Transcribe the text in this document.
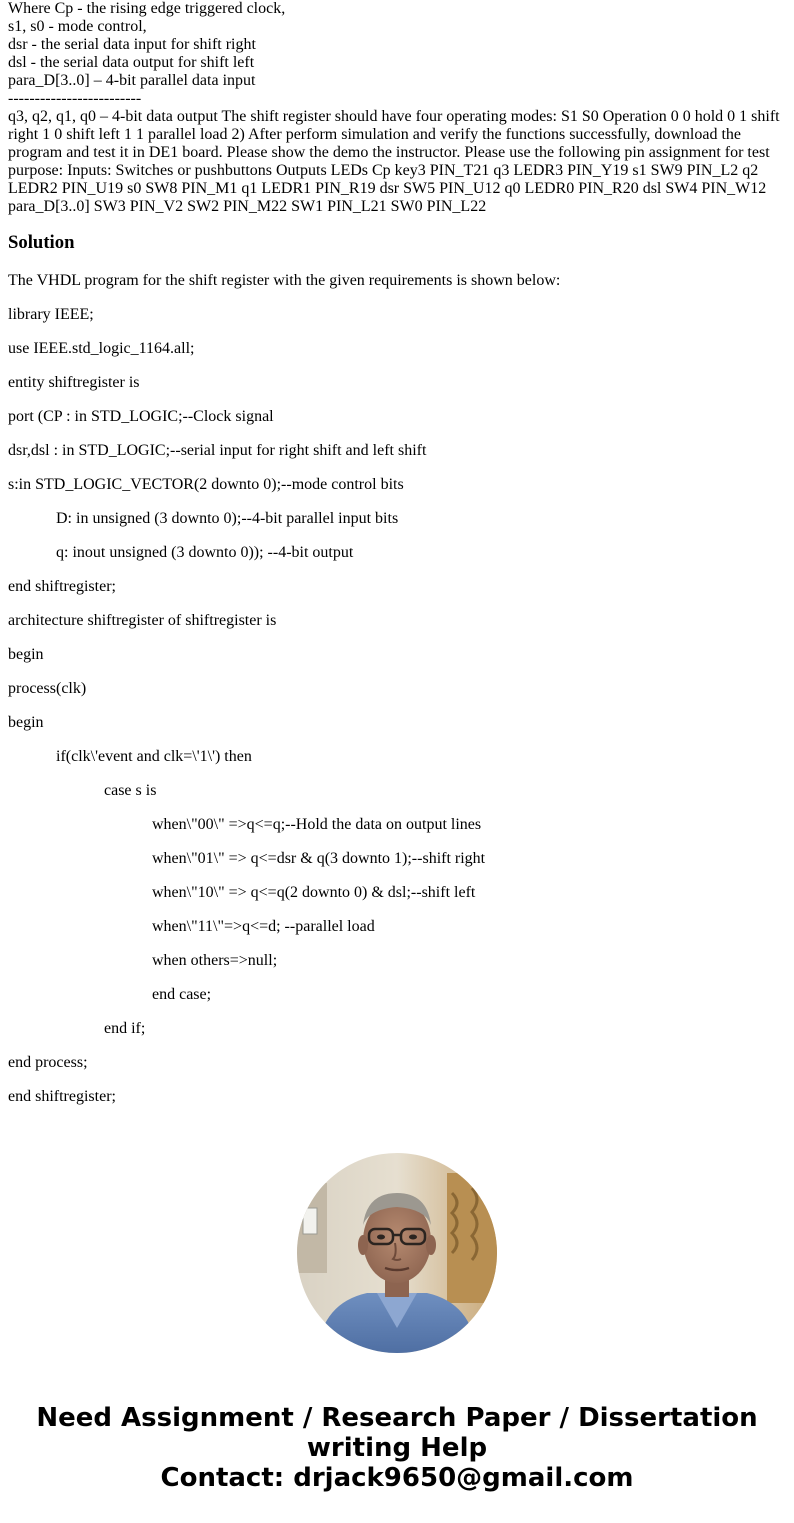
Where Cp - the rising edge triggered clock,
s1, s0 - mode control,
dsr - the serial data input for shift right
dsl - the serial data output for shift left
para_D[3..0] – 4-bit parallel data input
-------------------------
q3, q2, q1, q0 – 4-bit data output The shift register should have four operating modes: S1 S0 Operation 0 0 hold 0 1 shift right 1 0 shift left 1 1 parallel load 2) After perform simulation and verify the functions successfully, download the program and test it in DE1 board. Please show the demo the instructor. Please use the following pin assignment for test purpose: Inputs: Switches or pushbuttons Outputs LEDs Cp key3 PIN_T21 q3 LEDR3 PIN_Y19 s1 SW9 PIN_L2 q2 LEDR2 PIN_U19 s0 SW8 PIN_M1 q1 LEDR1 PIN_R19 dsr SW5 PIN_U12 q0 LEDR0 PIN_R20 dsl SW4 PIN_W12 para_D[3..0] SW3 PIN_V2 SW2 PIN_M22 SW1 PIN_L21 SW0 PIN_L22
Solution

The VHDL program for the shift register with the given requirements is shown below:

library IEEE;

use IEEE.std_logic_1164.all;

entity shiftregister is

port (CP : in STD_LOGIC;--Clock signal

dsr,dsl : in STD_LOGIC;--serial input for right shift and left shift

s:in STD_LOGIC_VECTOR(2 downto 0);--mode control bits

D: in unsigned (3 downto 0);--4-bit parallel input bits

q: inout unsigned (3 downto 0)); --4-bit output

end shiftregister;

architecture shiftregister of shiftregister is

begin

process(clk)

begin

if(clk\'event and clk=\'1\') then

case s is

when\"00\" =>q<=q;--Hold the data on output lines

when\"01\" => q<=dsr & q(3 downto 1);--shift right

when\"10\" => q<=q(2 downto 0) & dsl;--shift left

when\"11\"=>q<=d; --parallel load

when others=>null;

end case;

end if;

end process;

end shiftregister;

Need Assignment / Research Paper / Dissertation
writing Help
Contact: drjack9650@gmail.com
